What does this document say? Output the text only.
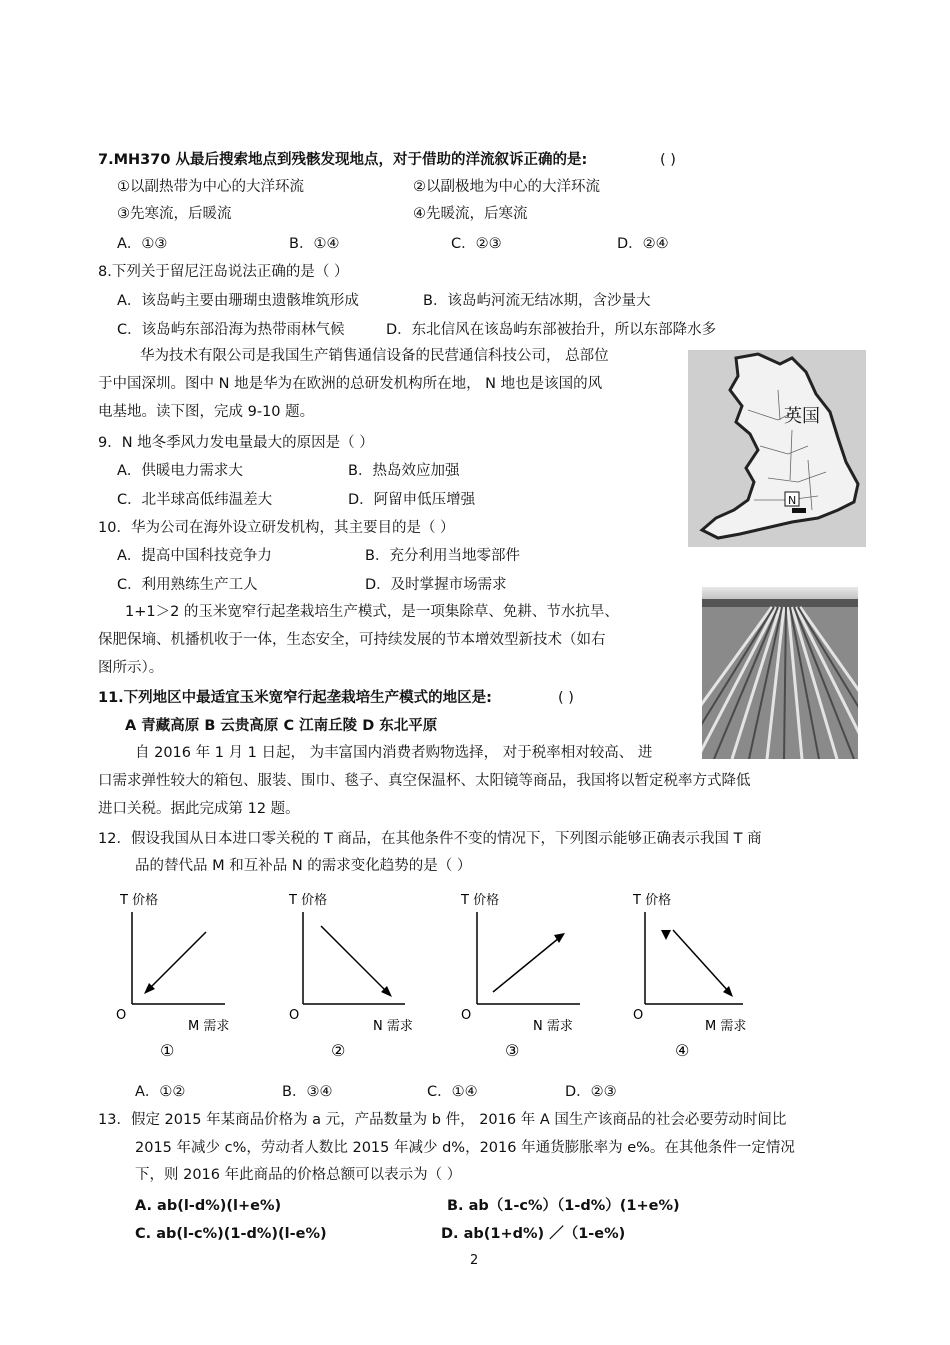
7.MH370 从最后搜索地点到残骸发现地点，对于借助的洋流叙诉正确的是:	( )
①以副热带为中心的大洋环流	②以副极地为中心的大洋环流
③先寒流，后暖流	④先暖流，后寒流
A．①③	B．①④	C．②③	D．②④
8.下列关于留尼汪岛说法正确的是（ ）
A．该岛屿主要由珊瑚虫遗骸堆筑形成	B．该岛屿河流无结冰期，含沙量大
C．该岛屿东部沿海为热带雨林气候	D．东北信风在该岛屿东部被抬升，所以东部降水多
华为技术有限公司是我国生产销售通信设备的民营通信科技公司， 总部位
于中国深圳。图中 N 地是华为在欧洲的总研发机构所在地， N 地也是该国的风
电基地。读下图，完成 9-10 题。	英国
N
9．N 地冬季风力发电量最大的原因是（ ）
A．供暖电力需求大	B．热岛效应加强
C．北半球高低纬温差大	D．阿留申低压增强
10．华为公司在海外设立研发机构，其主要目的是（ ）
A．提高中国科技竞争力	B．充分利用当地零部件
C．利用熟练生产工人	D．及时掌握市场需求
1+1＞2 的玉米宽窄行起垄栽培生产模式，是一项集除草、免耕、节水抗旱、
保肥保墒、机播机收于一体，生态安全，可持续发展的节本增效型新技术（如右
图所示）。
11.下列地区中最适宜玉米宽窄行起垄栽培生产模式的地区是:	( )
A 青藏高原 B 云贵高原 C 江南丘陵 D 东北平原
自 2016 年 1 月 1 日起， 为丰富国内消费者购物选择， 对于税率相对较高、 进
口需求弹性较大的箱包、服装、围巾、毯子、真空保温杯、太阳镜等商品，我国将以暂定税率方式降低
进口关税。据此完成第 12 题。
12．假设我国从日本进口零关税的 T 商品，在其他条件不变的情况下，下列图示能够正确表示我国 T 商
品的替代品 M 和互补品 N 的需求变化趋势的是（ ）
T 价格
O
M 需求
①
T 价格
O
N 需求
②
T 价格
O
N 需求
③
T 价格
O
M 需求
④
A．①②	B．③④	C．①④	D．②③
13．假定 2015 年某商品价格为 a 元，产品数量为 b 件， 2016 年 A 国生产该商品的社会必要劳动时间比
2015 年减少 c%，劳动者人数比 2015 年减少 d%，2016 年通货膨胀率为 e%。在其他条件一定情况
下，则 2016 年此商品的价格总额可以表示为（ ）
A. ab(l-d%)(l+e%)	B. ab（1-c%）（1-d%）(1+e%)
C. ab(l-c%)(1-d%)(l-e%)	D. ab(1+d%) ／（1-e%)
2
